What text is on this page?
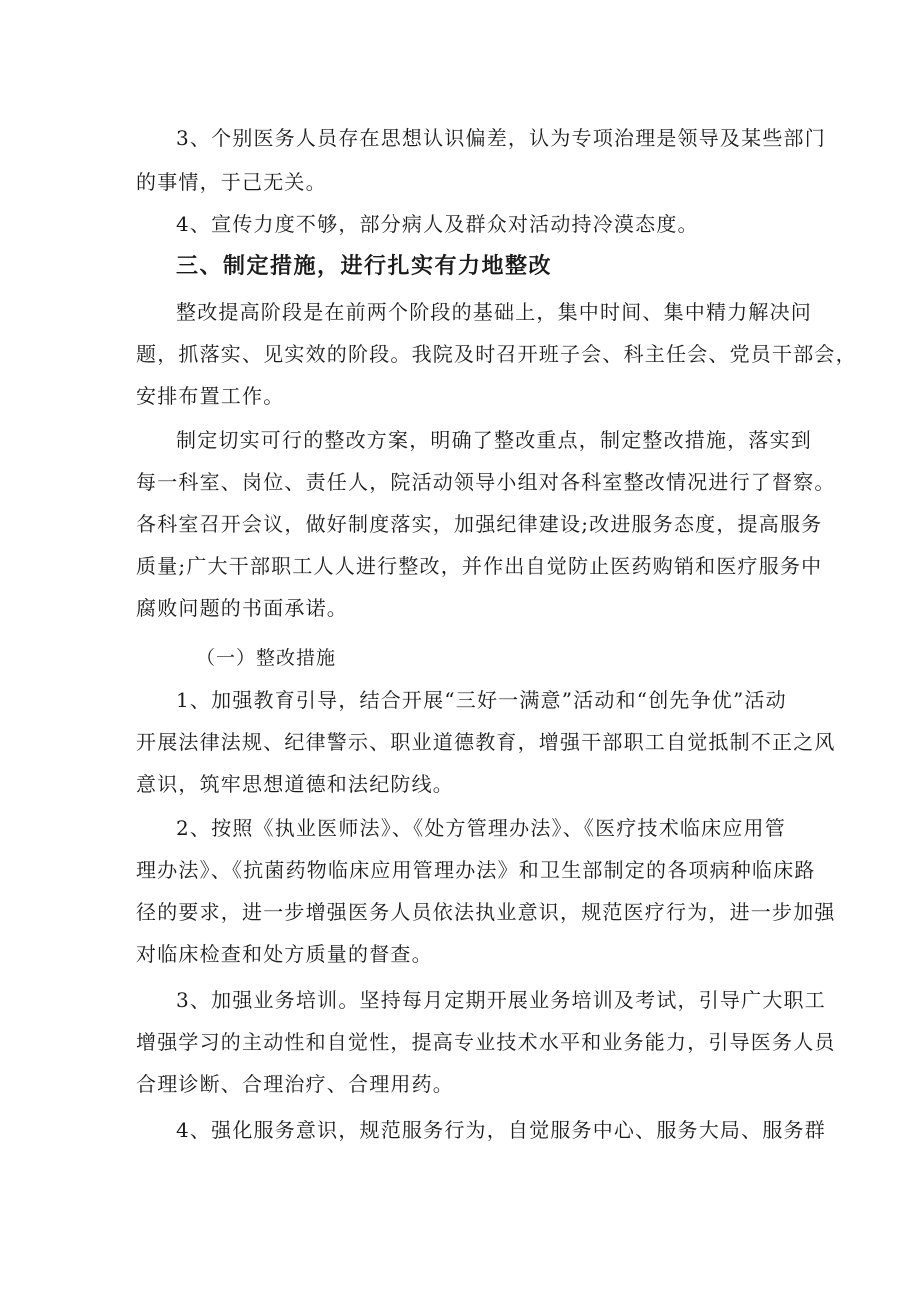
3、个别医务人员存在思想认识偏差，认为专项治理是领导及某些部门
的事情，于己无关。
4、宣传力度不够，部分病人及群众对活动持冷漠态度。
三、制定措施，进行扎实有力地整改
整改提高阶段是在前两个阶段的基础上，集中时间、集中精力解决问
题，抓落实、见实效的阶段。我院及时召开班子会、科主任会、党员干部会，
安排布置工作。
制定切实可行的整改方案，明确了整改重点，制定整改措施，落实到
每一科室、岗位、责任人，院活动领导小组对各科室整改情况进行了督察。
各科室召开会议，做好制度落实，加强纪律建设;改进服务态度，提高服务
质量;广大干部职工人人进行整改，并作出自觉防止医药购销和医疗服务中
腐败问题的书面承诺。
（一）整改措施
1、加强教育引导，结合开展“三好一满意”活动和“创先争优”活动
开展法律法规、纪律警示、职业道德教育，增强干部职工自觉抵制不正之风
意识，筑牢思想道德和法纪防线。
2、按照《执业医师法》、《处方管理办法》、《医疗技术临床应用管
理办法》、《抗菌药物临床应用管理办法》和卫生部制定的各项病种临床路
径的要求，进一步增强医务人员依法执业意识，规范医疗行为，进一步加强
对临床检查和处方质量的督查。
3、加强业务培训。坚持每月定期开展业务培训及考试，引导广大职工
增强学习的主动性和自觉性，提高专业技术水平和业务能力，引导医务人员
合理诊断、合理治疗、合理用药。
4、强化服务意识，规范服务行为，自觉服务中心、服务大局、服务群
